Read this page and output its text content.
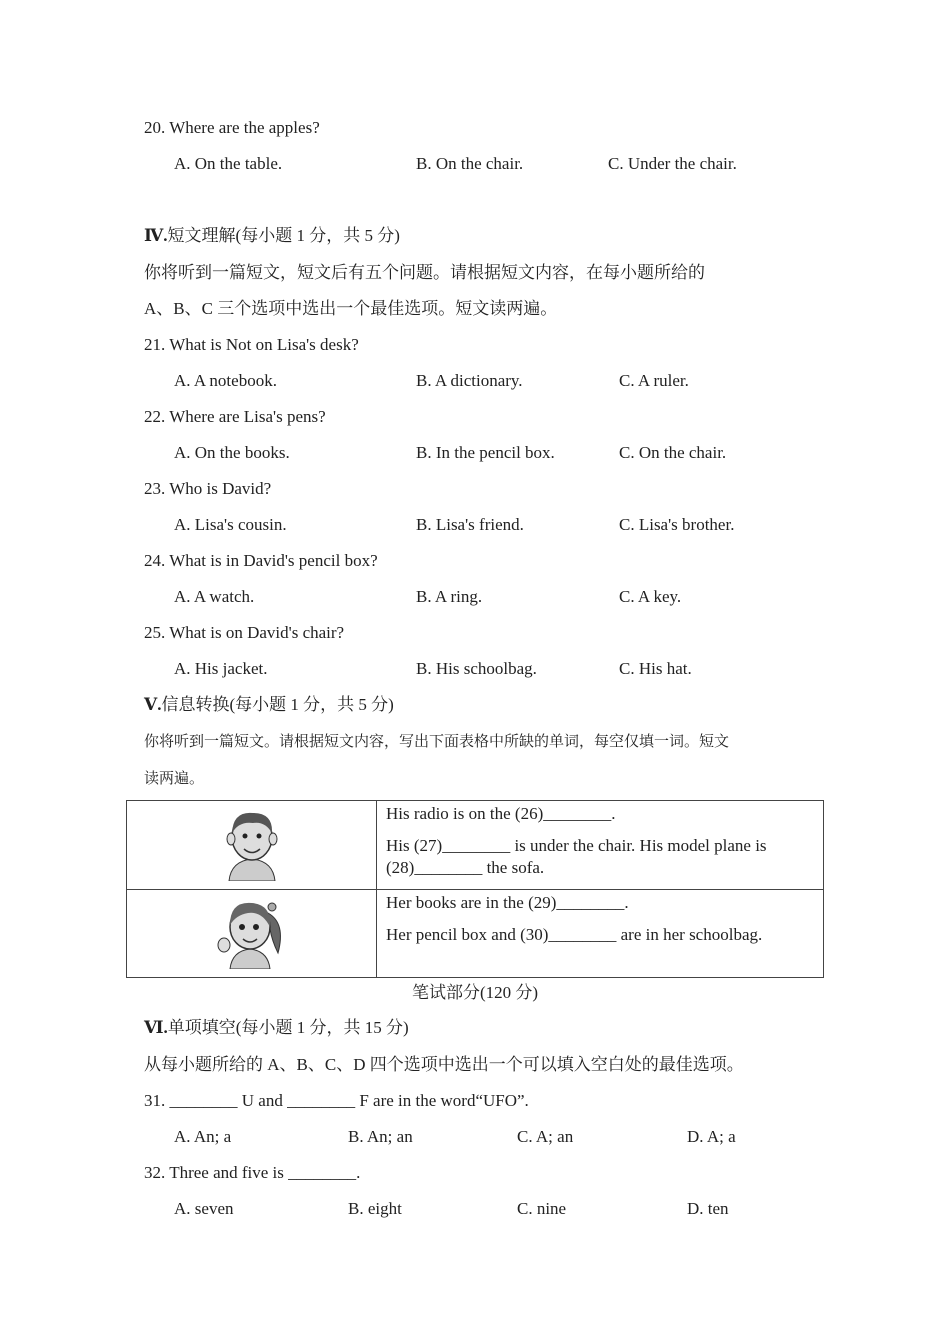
20. Where are the apples?
A. On the table.	B. On the chair.	C. Under the chair.
Ⅳ.短文理解(每小题 1 分，共 5 分)
你将听到一篇短文，短文后有五个问题。请根据短文内容，在每小题所给的
A、B、C 三个选项中选出一个最佳选项。短文读两遍。
21. What is Not on Lisa's desk?
A. A notebook.	B. A dictionary.	C. A ruler.
22. Where are Lisa's pens?
A. On the books.	B. In the pencil box.	C. On the chair.
23. Who is David?
A. Lisa's cousin.	B. Lisa's friend.	C. Lisa's brother.
24. What is in David's pencil box?
A. A watch.	B. A ring.	C. A key.
25. What is on David's chair?
A. His jacket.	B. His schoolbag.	C. His hat.
Ⅴ.信息转换(每小题 1 分，共 5 分)
你将听到一篇短文。请根据短文内容，写出下面表格中所缺的单词，每空仅填一词。短文
读两遍。

His radio is on the (26)________.

His (27)________ is under the chair. His model plane is (28)________ the sofa.

Her books are in the (29)________.

Her pencil box and (30)________ are in her schoolbag.

笔试部分(120 分)
Ⅵ.单项填空(每小题 1 分，共 15 分)
从每小题所给的 A、B、C、D 四个选项中选出一个可以填入空白处的最佳选项。
31. ________ U and ________ F are in the word“UFO”.
A. An; a	B. An; an	C. A; an	D. A; a
32. Three and five is ________.
A. seven	B. eight	C. nine	D. ten
